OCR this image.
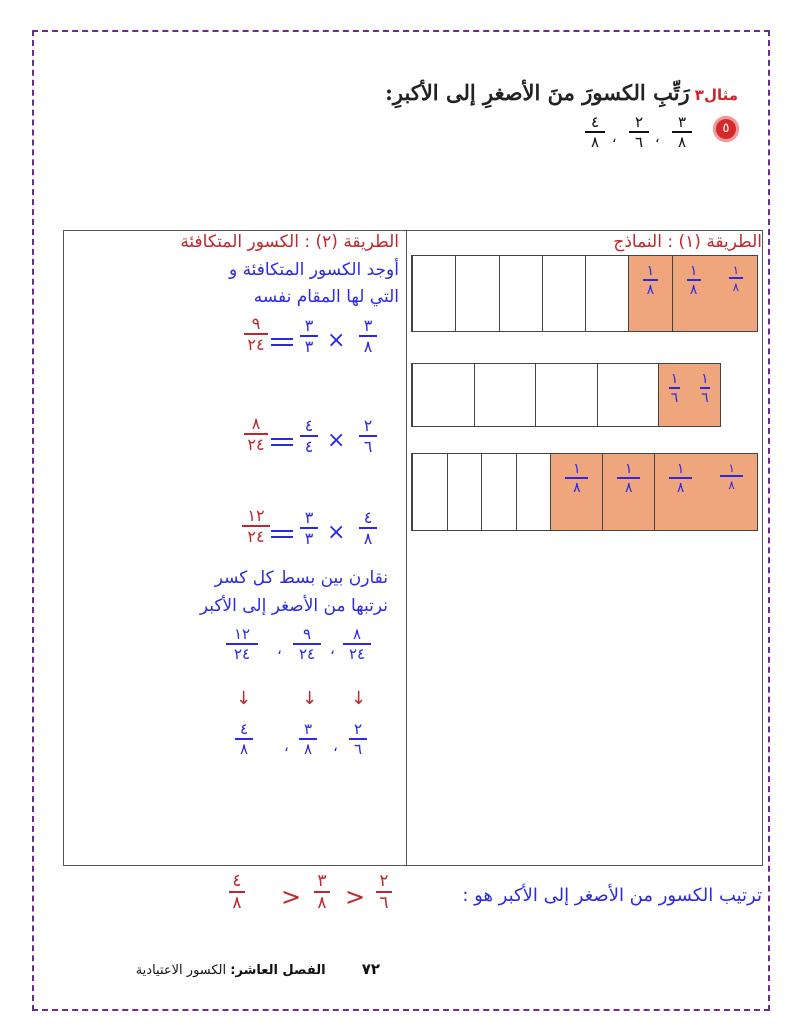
مثال٣ رَتِّبِ الكسورَ منَ الأصغرِ إلى الأكبرِ:
٥
٣
٨
،
٢
٦
،
٤
٨
الطريقة (١) : النماذج
١
٨
١
٨
١
٨
١
٦
١
٦
١
٨
١
٨
١
٨
١
٨
الطريقة (٢) : الكسور المتكافئة
أوجد الكسور المتكافئة و التي لها المقام نفسه
٣
٨
×
٣
٣
٩
٢٤
٢
٦
×
٤
٤
٨
٢٤
٤
٨
×
٣
٣
١٢
٢٤
نقارن بين بسط كل كسر
نرتبها من الأصغر إلى الأكبر
٨
٢٤
،
٩
٢٤
،
١٢
٢٤
↓
↓
↓
٢
٦
،
٣
٨
،
٤
٨
ترتيب الكسور من الأصغر إلى الأكبر هو :
٢
٦
>
٣
٨
>
٤
٨
٧٢ الفصل العاشر: الكسور الاعتيادية
